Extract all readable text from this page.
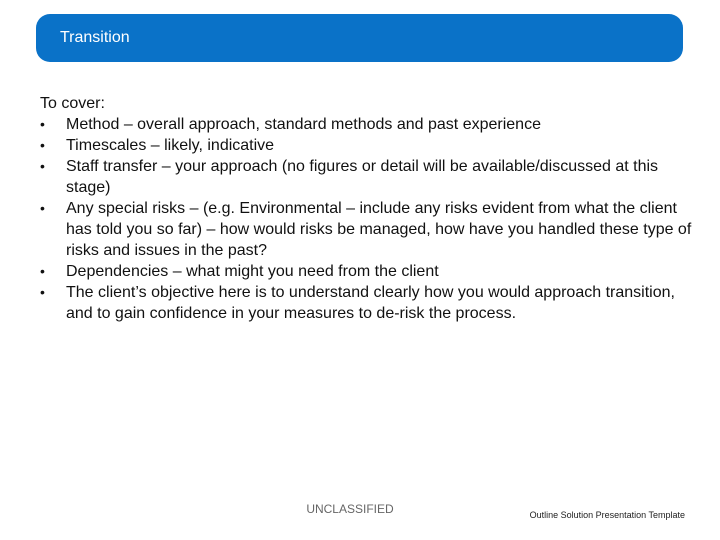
Transition

To cover:

•	Method – overall approach, standard methods and past experience
•	Timescales – likely, indicative
•	Staff transfer – your approach (no figures or detail will be available/discussed at this stage)
•	Any special risks – (e.g. Environmental – include any risks evident from what the client has told you so far) – how would risks be managed, how have you handled these type of risks and issues in the past?
•	Dependencies – what might you need from the client
•	The client’s objective here is to understand clearly how you would approach transition, and to gain confidence in your measures to de-risk the process.
UNCLASSIFIED	Outline Solution Presentation Template
